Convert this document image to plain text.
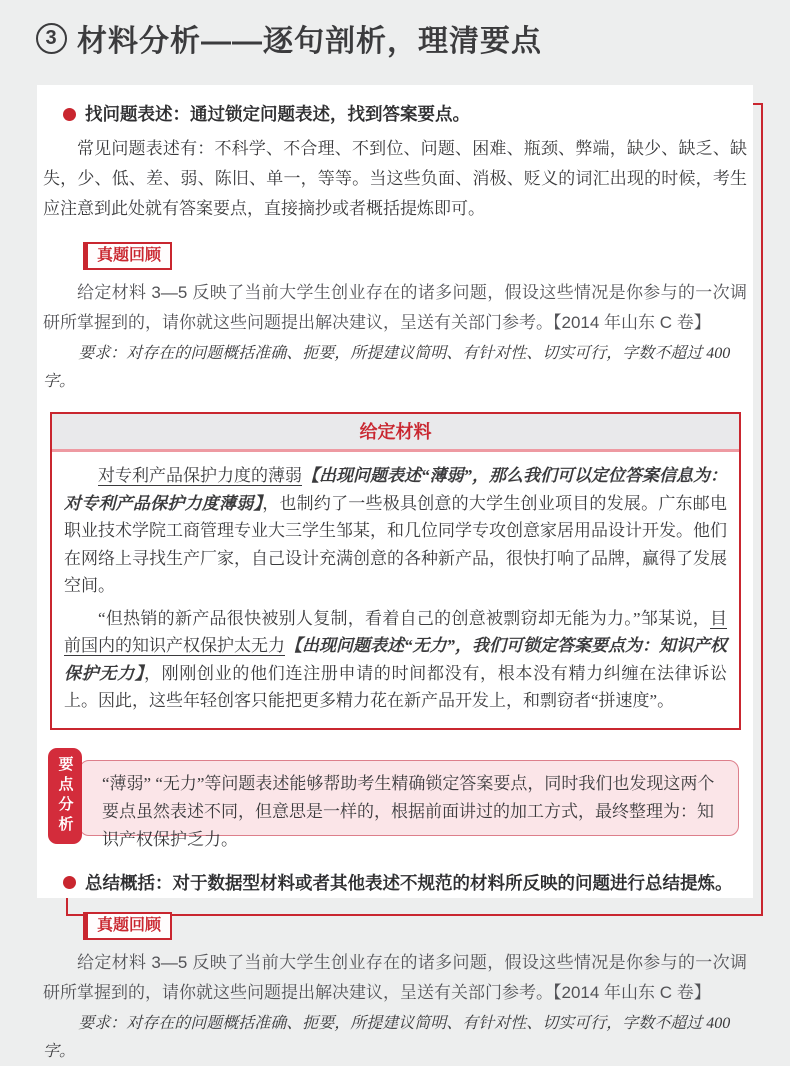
3 材料分析——逐句剖析，理清要点
找问题表述：通过锁定问题表述，找到答案要点。

常见问题表述有：不科学、不合理、不到位、问题、困难、瓶颈、弊端，缺少、缺乏、缺失，少、低、差、弱、陈旧、单一，等等。当这些负面、消极、贬义的词汇出现的时候，考生应注意到此处就有答案要点，直接摘抄或者概括提炼即可。

真题回顾

给定材料 3—5 反映了当前大学生创业存在的诸多问题，假设这些情况是你参与的一次调研所掌握到的，请你就这些问题提出解决建议，呈送有关部门参考。【2014 年山东 C 卷】

要求：对存在的问题概括准确、扼要，所提建议简明、有针对性、切实可行，字数不超过 400 字。

给定材料

对专利产品保护力度的薄弱【出现问题表述“薄弱”，那么我们可以定位答案信息为：对专利产品保护力度薄弱】，也制约了一些极具创意的大学生创业项目的发展。广东邮电职业技术学院工商管理专业大三学生邹某，和几位同学专攻创意家居用品设计开发。他们在网络上寻找生产厂家，自己设计充满创意的各种新产品，很快打响了品牌，赢得了发展空间。

“但热销的新产品很快被别人复制，看着自己的创意被剽窃却无能为力。”邹某说，目前国内的知识产权保护太无力【出现问题表述“无力”，我们可锁定答案要点为：知识产权保护无力】，刚刚创业的他们连注册申请的时间都没有，根本没有精力纠缠在法律诉讼上。因此，这些年轻创客只能把更多精力花在新产品开发上，和剽窃者“拼速度”。

要点分析	“薄弱” “无力”等问题表述能够帮助考生精确锁定答案要点，同时我们也发现这两个要点虽然表述不同，但意思是一样的，根据前面讲过的加工方式，最终整理为：知识产权保护乏力。
总结概括：对于数据型材料或者其他表述不规范的材料所反映的问题进行总结提炼。
真题回顾

给定材料 3—5 反映了当前大学生创业存在的诸多问题，假设这些情况是你参与的一次调研所掌握到的，请你就这些问题提出解决建议，呈送有关部门参考。【2014 年山东 C 卷】

要求：对存在的问题概括准确、扼要，所提建议简明、有针对性、切实可行，字数不超过 400 字。
